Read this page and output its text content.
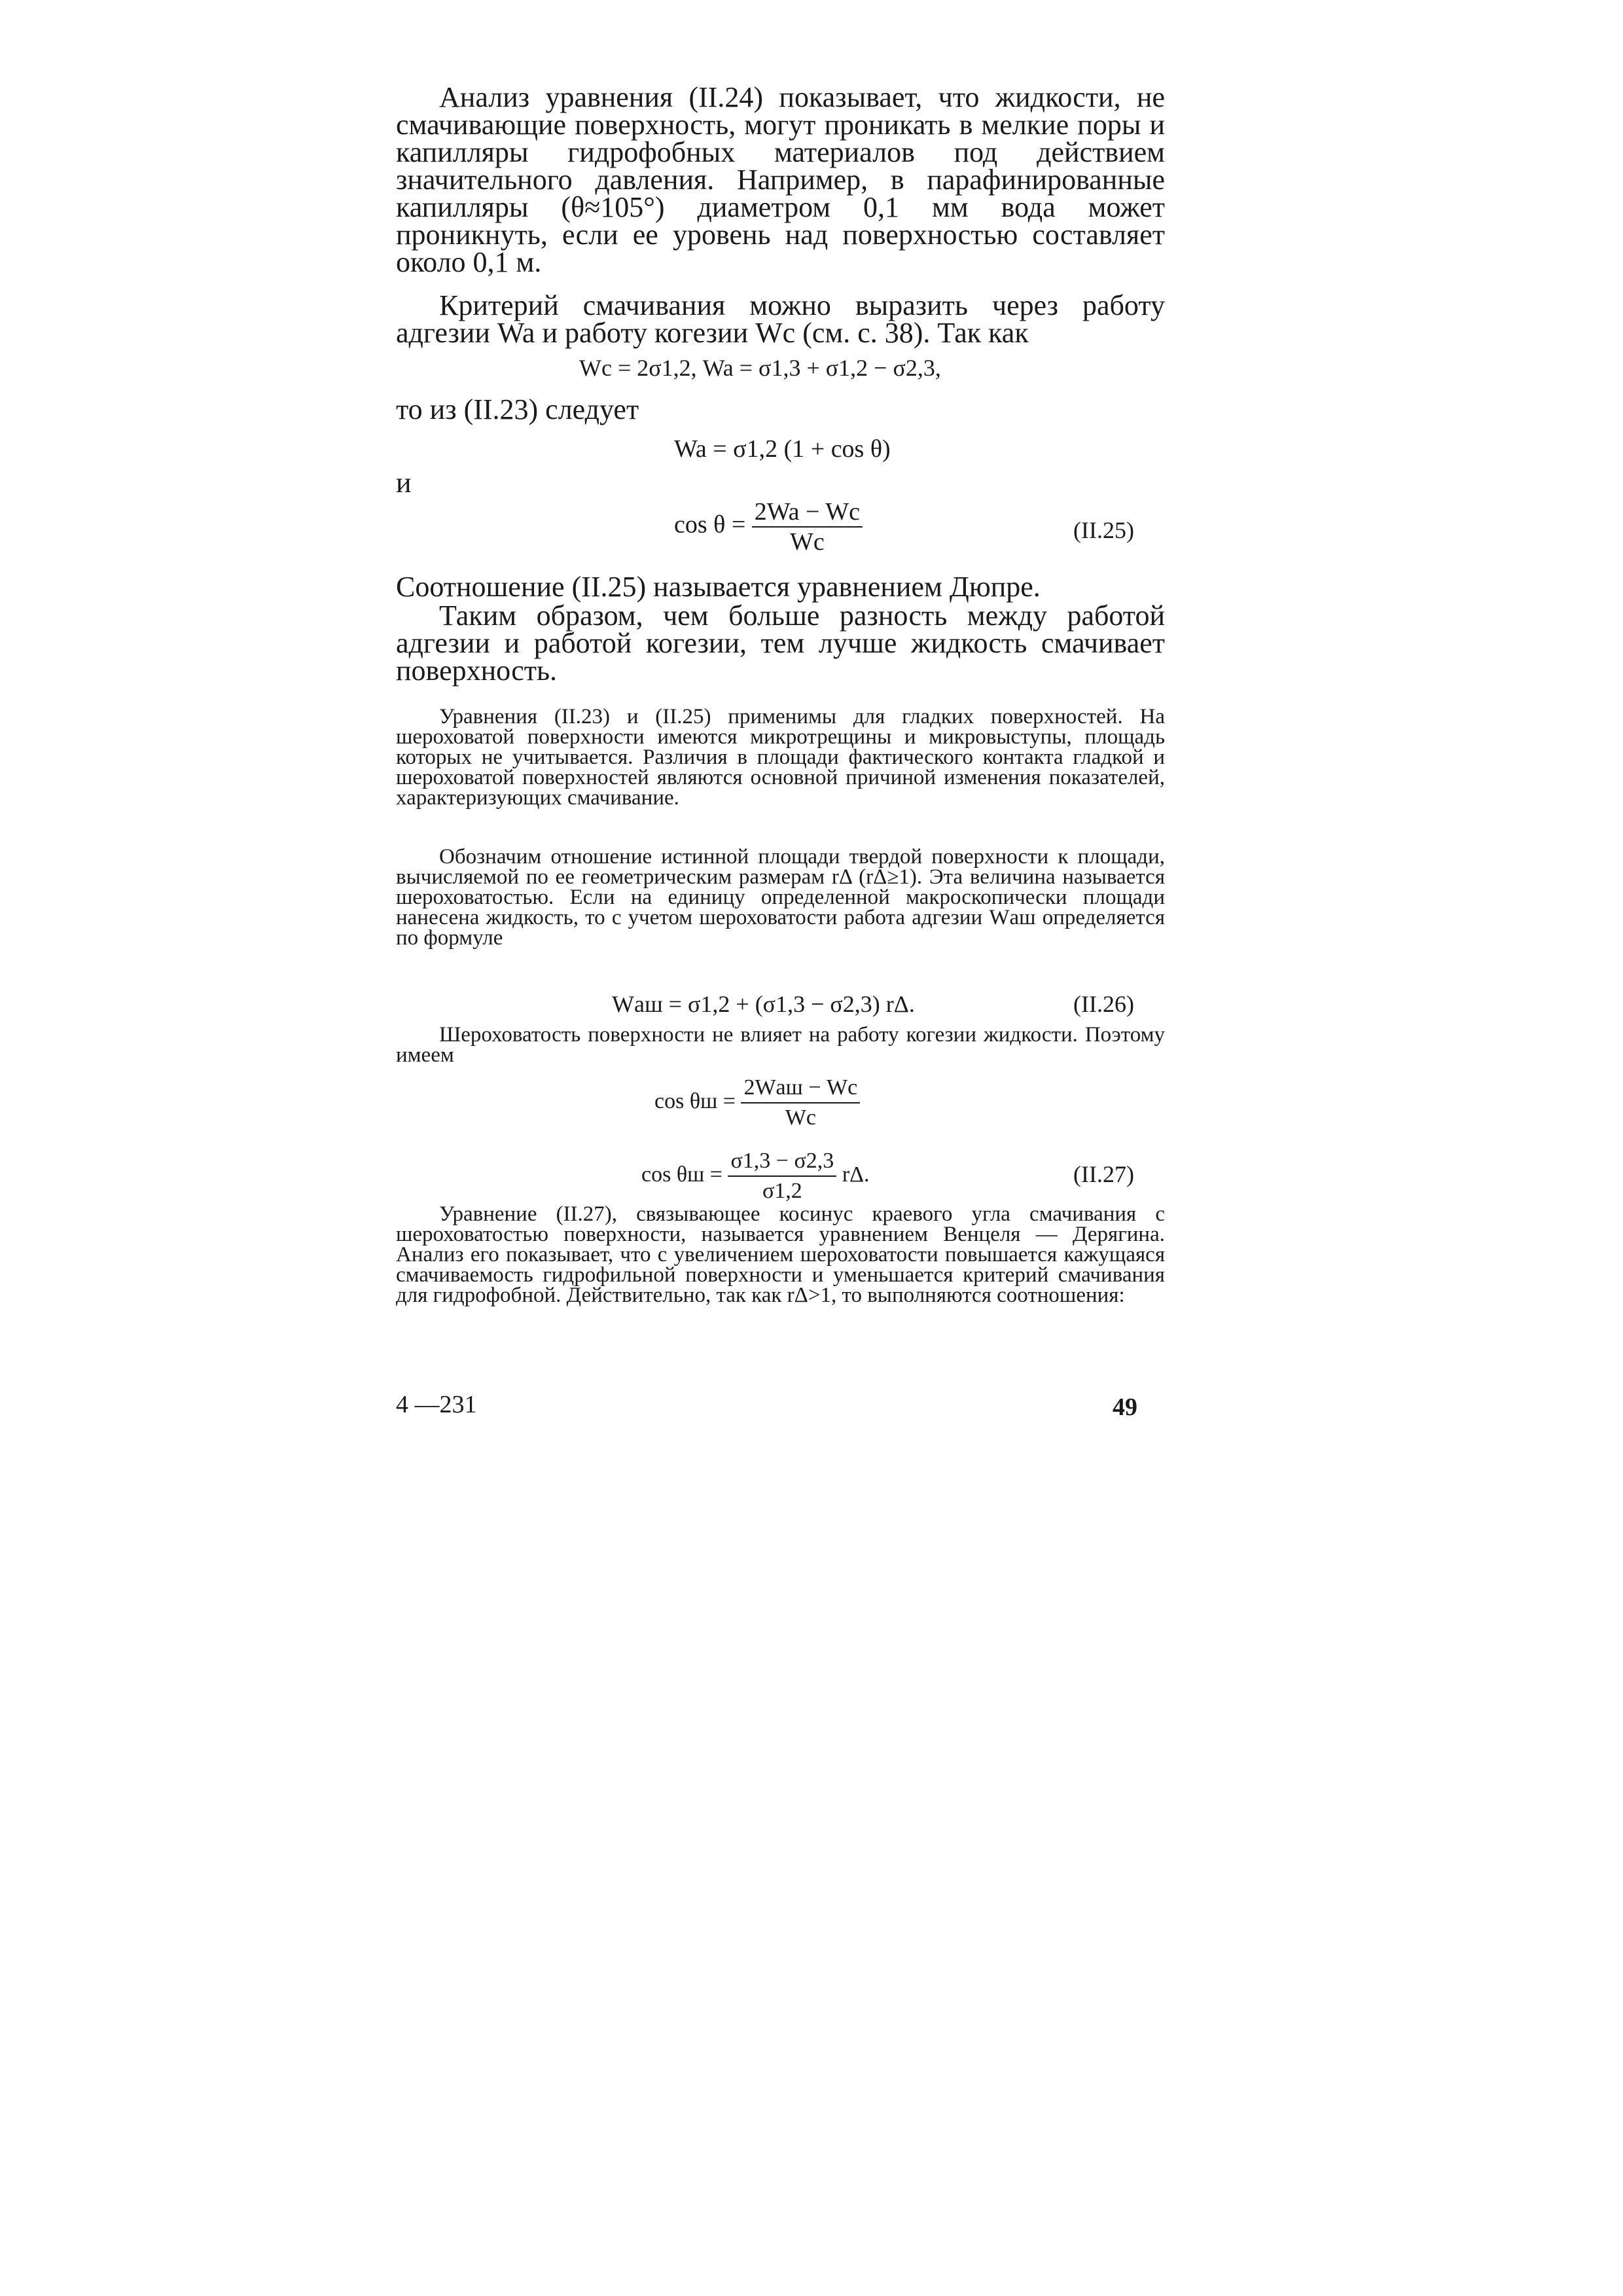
Анализ уравнения (II.24) показывает, что жидкости, не смачивающие поверхность, могут проникать в мелкие поры и капилляры гидрофобных материалов под действием значительного давления. Например, в парафинированные капилляры (θ≈105°) диаметром 0,1 мм вода может проникнуть, если ее уровень над поверхностью составляет около 0,1 м.

Критерий смачивания можно выразить через работу адгезии Wa и работу когезии Wc (см. с. 38). Так как

Wc = 2σ1,2, Wa = σ1,3 + σ1,2 − σ2,3,
то из (II.23) следует
Wa = σ1,2 (1 + cos θ)
и
$\cos \theta = \frac{2Wa - Wc}{Wc}$	(II.25)

Соотношение (II.25) называется уравнением Дюпре.

Таким образом, чем больше разность между работой адгезии и работой когезии, тем лучше жидкость смачивает поверхность.

Уравнения (II.23) и (II.25) применимы для гладких поверхностей. На шероховатой поверхности имеются микротрещины и микровыступы, площадь которых не учитывается. Различия в площади фактического контакта гладкой и шероховатой поверхностей являются основной причиной изменения показателей, характеризующих смачивание.

Обозначим отношение истинной площади твердой поверхности к площади, вычисляемой по ее геометрическим размерам rΔ (rΔ≥1). Эта величина называется шероховатостью. Если на единицу определенной макроскопически площади нанесена жидкость, то с учетом шероховатости работа адгезии Wаш определяется по формуле

Wаш = σ1,2 + (σ1,3 − σ2,3) rΔ.	(II.26)

Шероховатость поверхности не влияет на работу когезии жидкости. Поэтому имеем

$\cos \theta ш = \frac{\text{2Wаш − Wc}}{Wc}$
$\cos \theta ш = \frac{\sigma 1,3 - \sigma 2,3}{\sigma 1,2} r\Delta$.	(II.27)

Уравнение (II.27), связывающее косинус краевого угла смачивания с шероховатостью поверхности, называется уравнением Венцеля — Дерягина. Анализ его показывает, что с увеличением шероховатости повышается кажущаяся смачиваемость гидрофильной поверхности и уменьшается критерий смачивания для гидрофобной. Действительно, так как rΔ>1, то выполняются соотношения:

4 —231	49
